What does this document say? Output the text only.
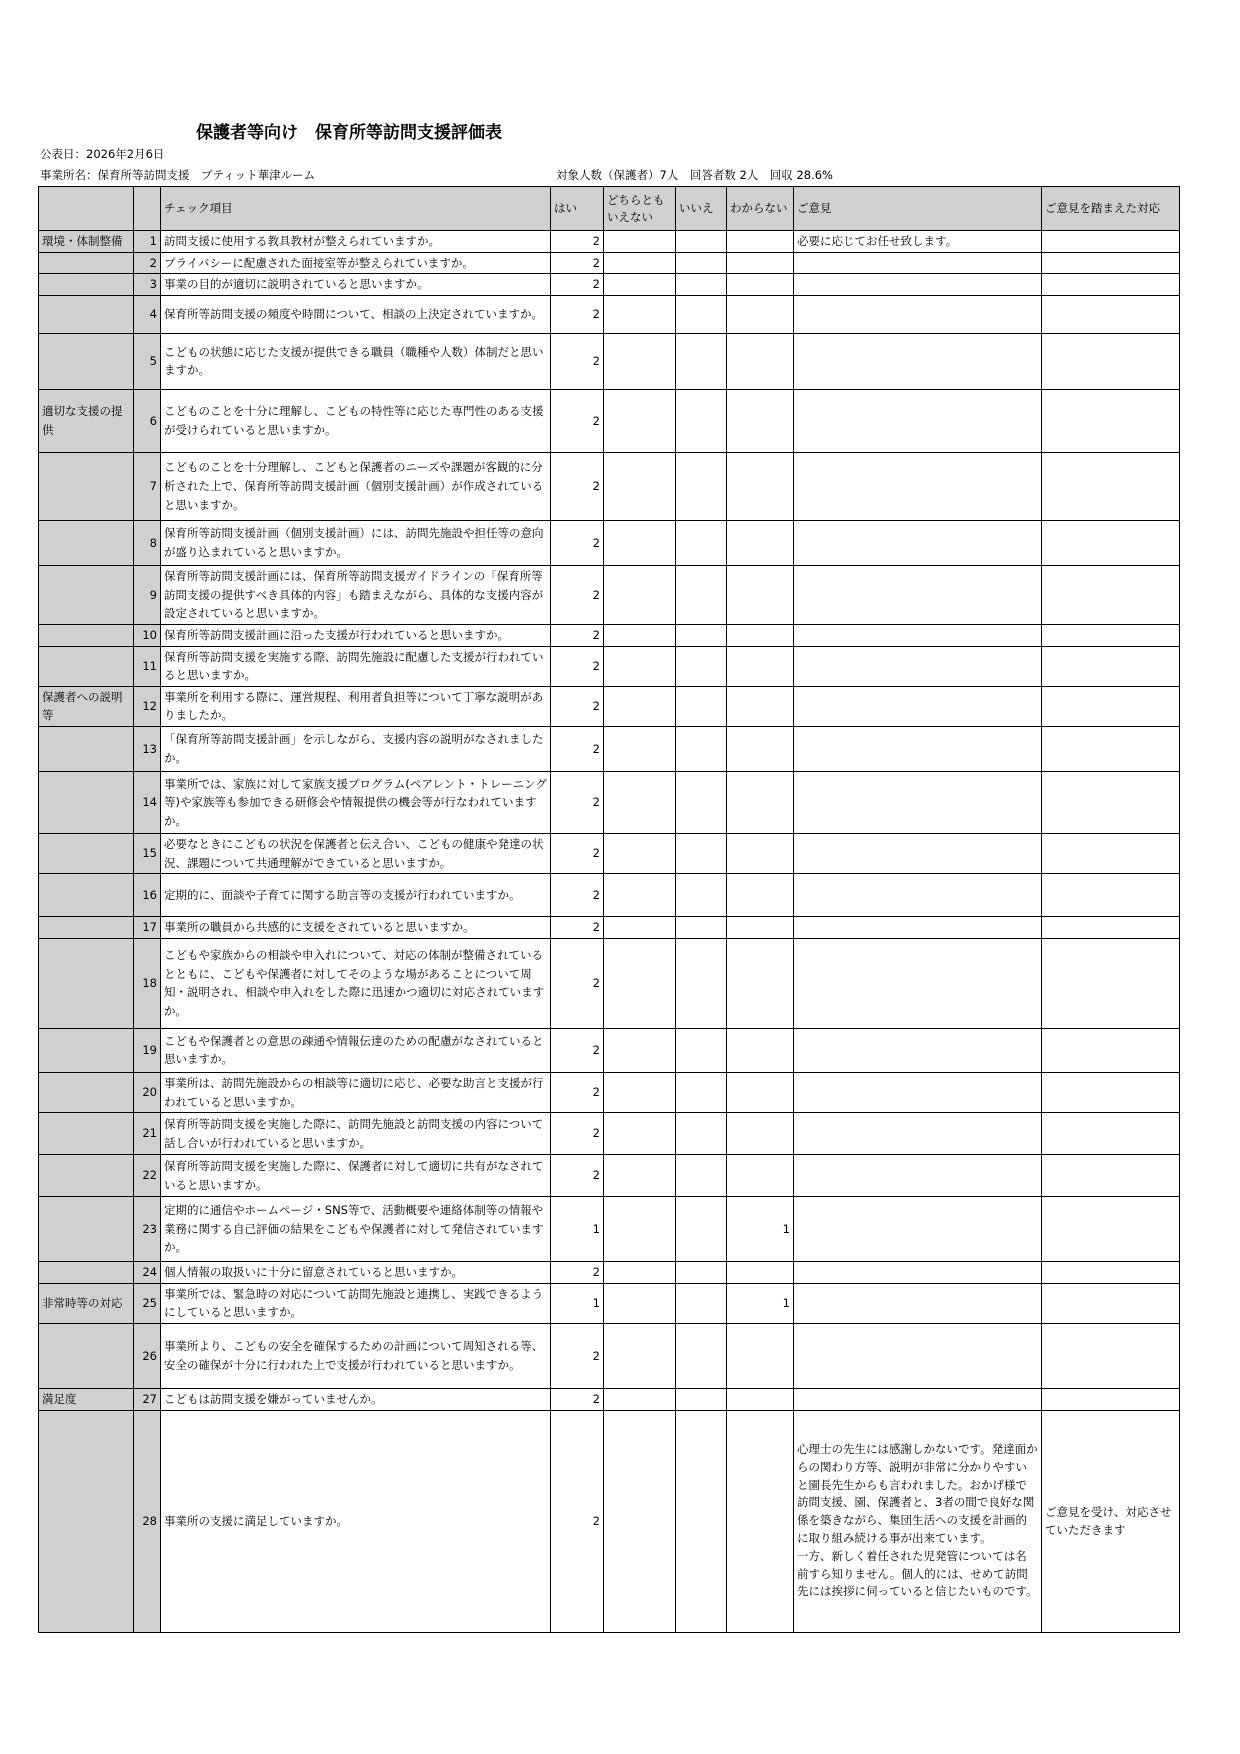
保護者等向け　保育所等訪問支援評価表
公表日：2026年2月6日
事業所名：保育所等訪問支援　プティット華津ルーム	対象人数（保護者）7人　回答者数 2人　回収 28.6%
		チェック項目	はい	どちらとも
いえない	いいえ	わからない	ご意見	ご意見を踏まえた対応
環境・体制整備	1	訪問支援に使用する教具教材が整えられていますか。	2				必要に応じてお任せ致します。	
	2	プライバシーに配慮された面接室等が整えられていますか。	2					
	3	事業の目的が適切に説明されていると思いますか。	2					
	4	保育所等訪問支援の頻度や時間について、相談の上決定されていますか。	2					
	5	こどもの状態に応じた支援が提供できる職員（職種や人数）体制だと思いますか。	2					
適切な支援の提供	6	こどものことを十分に理解し、こどもの特性等に応じた専門性のある支援が受けられていると思いますか。	2					
	7	こどものことを十分理解し、こどもと保護者のニーズや課題が客観的に分析された上で、保育所等訪問支援計画（個別支援計画）が作成されていると思いますか。	2					
	8	保育所等訪問支援計画（個別支援計画）には、訪問先施設や担任等の意向が盛り込まれていると思いますか。	2					
	9	保育所等訪問支援計画には、保育所等訪問支援ガイドラインの「保育所等訪問支援の提供すべき具体的内容」も踏まえながら、具体的な支援内容が設定されていると思いますか。	2					
	10	保育所等訪問支援計画に沿った支援が行われていると思いますか。	2					
	11	保育所等訪問支援を実施する際、訪問先施設に配慮した支援が行われていると思いますか。	2					
保護者への説明等	12	事業所を利用する際に、運営規程、利用者負担等について丁寧な説明がありましたか。	2					
	13	「保育所等訪問支援計画」を示しながら、支援内容の説明がなされましたか。	2					
	14	事業所では、家族に対して家族支援プログラム(ペアレント・トレーニング等)や家族等も参加できる研修会や情報提供の機会等が行なわれていますか。	2					
	15	必要なときにこどもの状況を保護者と伝え合い、こどもの健康や発達の状況、課題について共通理解ができていると思いますか。	2					
	16	定期的に、面談や子育てに関する助言等の支援が行われていますか。	2					
	17	事業所の職員から共感的に支援をされていると思いますか。	2					
	18	こどもや家族からの相談や申入れについて、対応の体制が整備されているとともに、こどもや保護者に対してそのような場があることについて周知・説明され、相談や申入れをした際に迅速かつ適切に対応されていますか。	2					
	19	こどもや保護者との意思の疎通や情報伝達のための配慮がなされていると思いますか。	2					
	20	事業所は、訪問先施設からの相談等に適切に応じ、必要な助言と支援が行われていると思いますか。	2					
	21	保育所等訪問支援を実施した際に、訪問先施設と訪問支援の内容について話し合いが行われていると思いますか。	2					
	22	保育所等訪問支援を実施した際に、保護者に対して適切に共有がなされていると思いますか。	2					
	23	定期的に通信やホームページ・SNS等で、活動概要や連絡体制等の情報や業務に関する自己評価の結果をこどもや保護者に対して発信されていますか。	1			1		
	24	個人情報の取扱いに十分に留意されていると思いますか。	2					
非常時等の対応	25	事業所では、緊急時の対応について訪問先施設と連携し、実践できるようにしていると思いますか。	1			1		
	26	事業所より、こどもの安全を確保するための計画について周知される等、安全の確保が十分に行われた上で支援が行われていると思いますか。	2					
満足度	27	こどもは訪問支援を嫌がっていませんか。	2					
	28	事業所の支援に満足していますか。	2				心理士の先生には感謝しかないです。発達面からの関わり方等、説明が非常に分かりやすいと園長先生からも言われました。おかげ様で訪問支援、園、保護者と、3者の間で良好な関係を築きながら、集団生活への支援を計画的に取り組み続ける事が出来ています。
一方、新しく着任された児発管については名前すら知りません。個人的には、せめて訪問先には挨拶に伺っていると信じたいものです。	ご意見を受け、対応させていただきます
